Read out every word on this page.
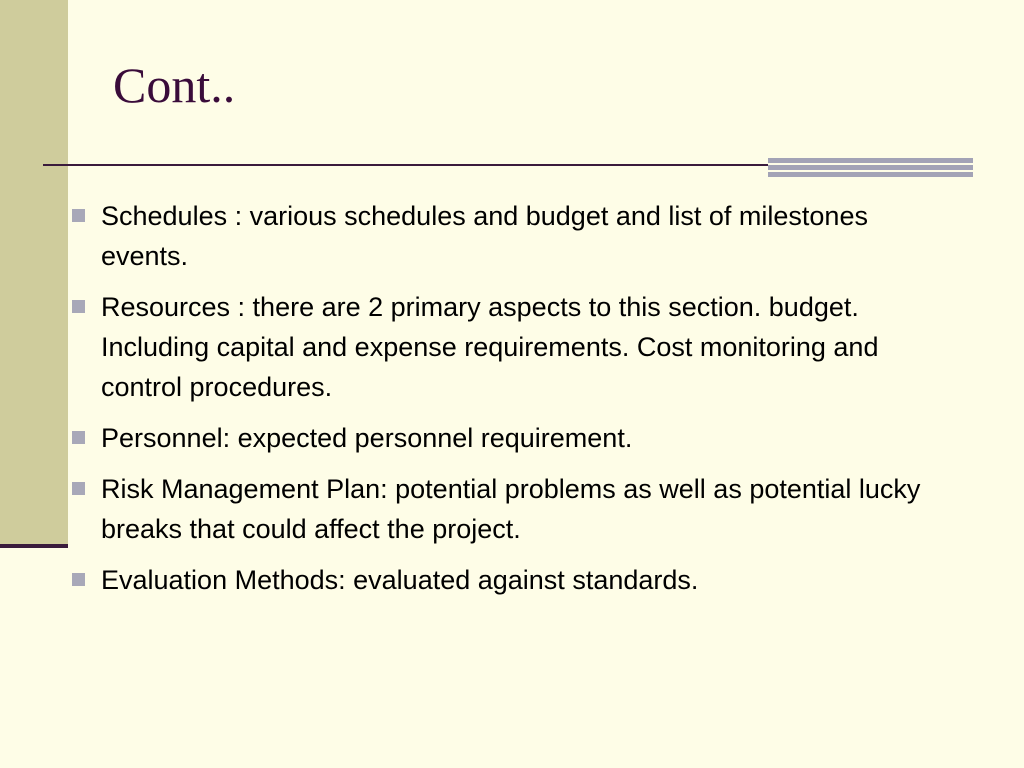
Cont..
Schedules : various schedules and budget and list of milestones events.
Resources : there are 2 primary aspects to this section. budget. Including capital and expense requirements. Cost monitoring and control procedures.
Personnel: expected personnel requirement.
Risk Management Plan: potential problems as well as potential lucky breaks that could affect the project.
Evaluation Methods: evaluated against standards.
